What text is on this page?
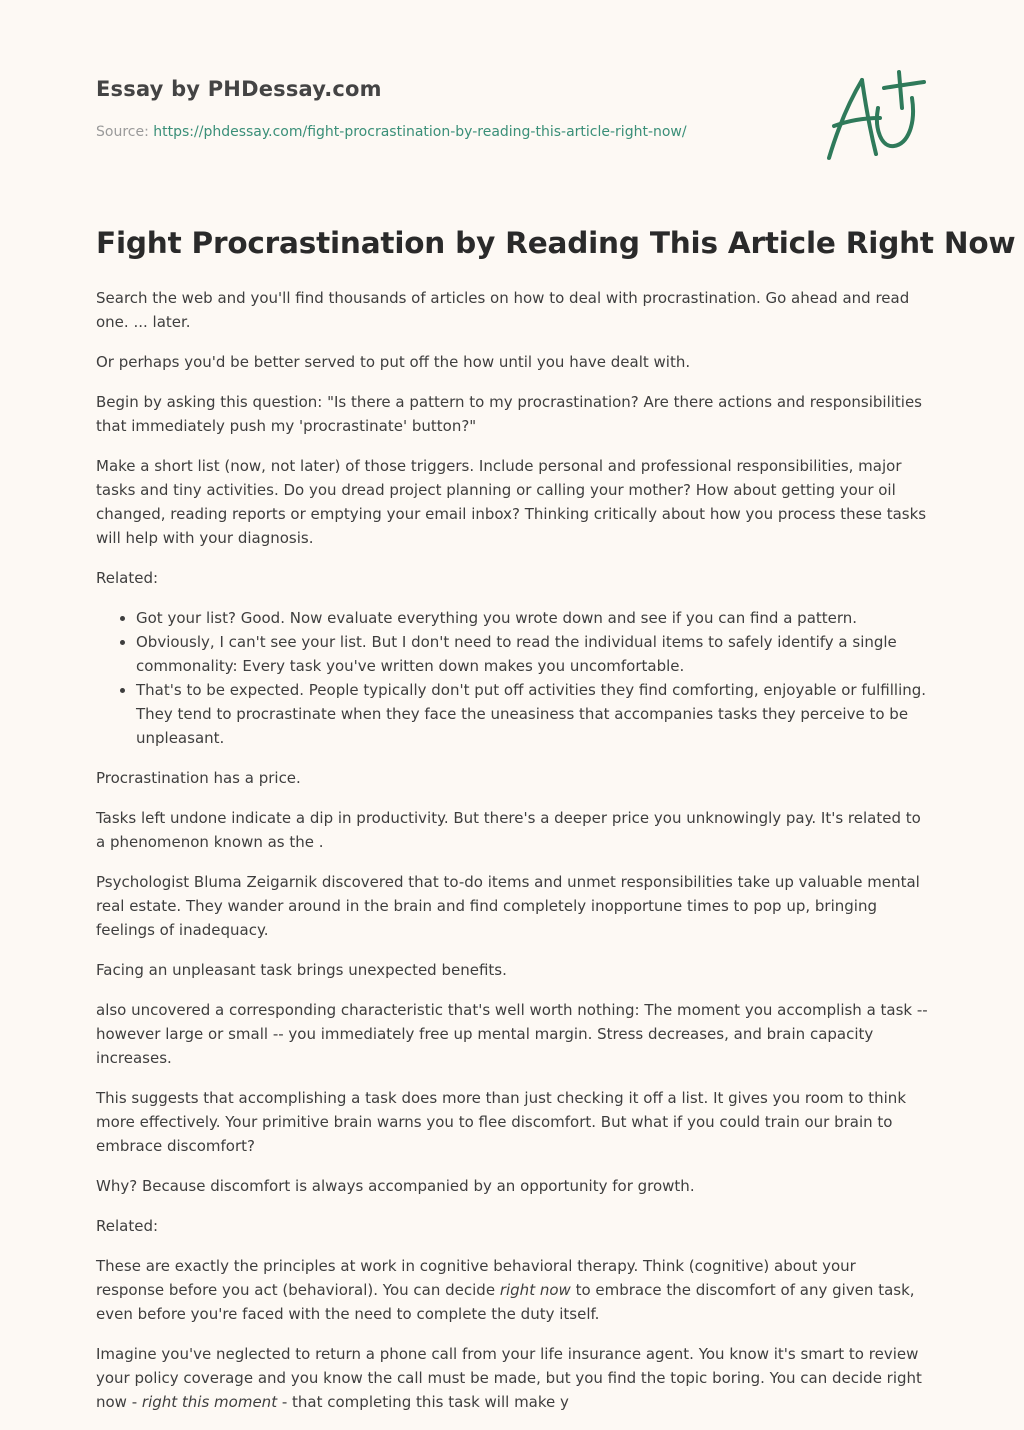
Essay by PHDessay.com
Source: https://phdessay.com/fight-procrastination-by-reading-this-article-right-now/
Fight Procrastination by Reading This Article Right Now

Search the web and you'll find thousands of articles on how to deal with procrastination. Go ahead and read one. ... later.

Or perhaps you'd be better served to put off the how until you have dealt with.

Begin by asking this question: "Is there a pattern to my procrastination? Are there actions and responsibilities that immediately push my 'procrastinate' button?"

Make a short list (now, not later) of those triggers. Include personal and professional responsibilities, major tasks and tiny activities. Do you dread project planning or calling your mother? How about getting your oil changed, reading reports or emptying your email inbox? Thinking critically about how you process these tasks will help with your diagnosis.

Related:

• Got your list? Good. Now evaluate everything you wrote down and see if you can find a pattern.
• Obviously, I can't see your list. But I don't need to read the individual items to safely identify a single commonality: Every task you've written down makes you uncomfortable.
• That's to be expected. People typically don't put off activities they find comforting, enjoyable or fulfilling. They tend to procrastinate when they face the uneasiness that accompanies tasks they perceive to be unpleasant.

Procrastination has a price.

Tasks left undone indicate a dip in productivity. But there's a deeper price you unknowingly pay. It's related to a phenomenon known as the .

Psychologist Bluma Zeigarnik discovered that to-do items and unmet responsibilities take up valuable mental real estate. They wander around in the brain and find completely inopportune times to pop up, bringing feelings of inadequacy.

Facing an unpleasant task brings unexpected benefits.

also uncovered a corresponding characteristic that's well worth nothing: The moment you accomplish a task -- however large or small -- you immediately free up mental margin. Stress decreases, and brain capacity increases.

This suggests that accomplishing a task does more than just checking it off a list. It gives you room to think more effectively. Your primitive brain warns you to flee discomfort. But what if you could train our brain to embrace discomfort?

Why? Because discomfort is always accompanied by an opportunity for growth.

Related:

These are exactly the principles at work in cognitive behavioral therapy. Think (cognitive) about your response before you act (behavioral). You can decide right now to embrace the discomfort of any given task, even before you're faced with the need to complete the duty itself.

Imagine you've neglected to return a phone call from your life insurance agent. You know it's smart to review your policy coverage and you know the call must be made, but you find the topic boring. You can decide right now - right this moment - that completing this task will make y
